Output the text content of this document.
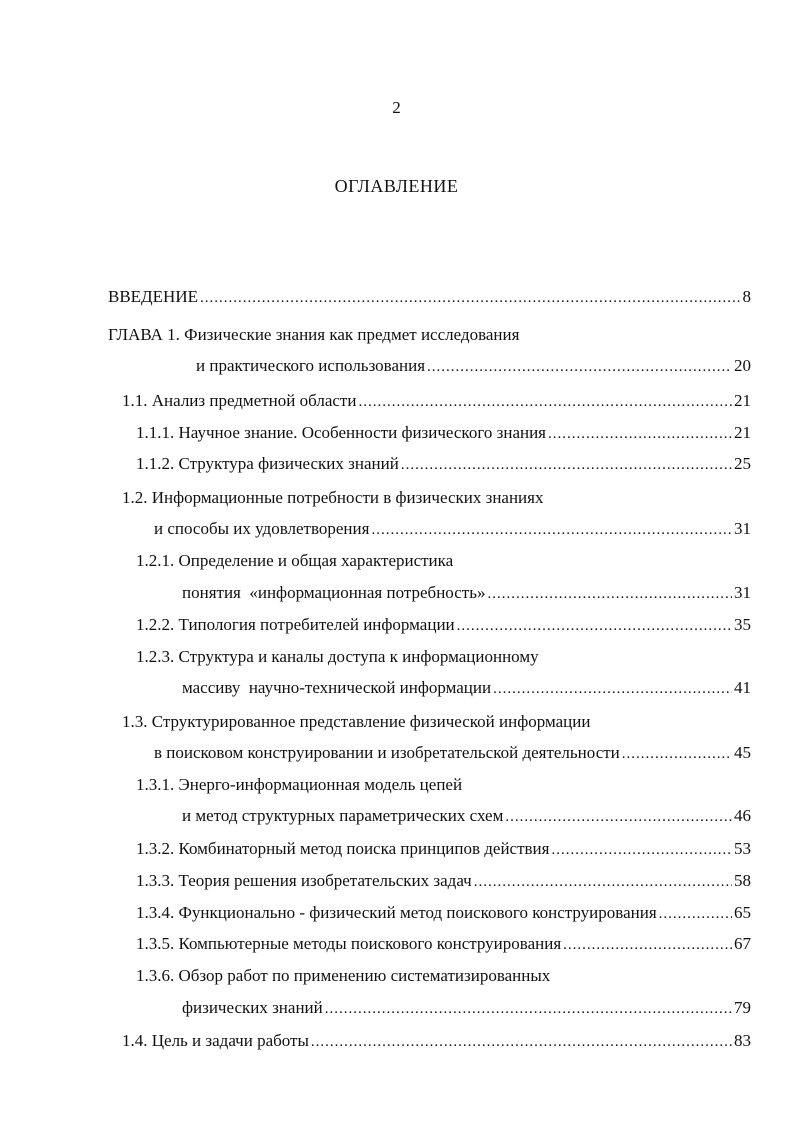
2
ОГЛАВЛЕНИЕ
ВВЕДЕНИЕ .....	8
ГЛАВА 1. Физические знания как предмет исследования
и практического использования .....	20
1.1. Анализ предметной области .....	21
1.1.1. Научное знание. Особенности физического знания .....	21
1.1.2. Структура физических знаний .....	25
1.2. Информационные потребности в физических знаниях
и способы их удовлетворения .....	31
1.2.1. Определение и общая характеристика
понятия  «информационная потребность» .....	31
1.2.2. Типология потребителей информации .....	35
1.2.3. Структура и каналы доступа к информационному
массиву  научно-технической информации .....	41
1.3. Структурированное представление физической информации
в поисковом конструировании и изобретательской деятельности .....	45
1.3.1. Энерго-информационная модель цепей
и метод структурных параметрических схем .....	46
1.3.2. Комбинаторный метод поиска принципов действия .....	53
1.3.3. Теория решения изобретательских задач .....	58
1.3.4. Функционально - физический метод поискового конструирования .....	65
1.3.5. Компьютерные методы поискового конструирования .....	67
1.3.6. Обзор работ по применению систематизированных
физических знаний .....	79
1.4. Цель и задачи работы .....	83
